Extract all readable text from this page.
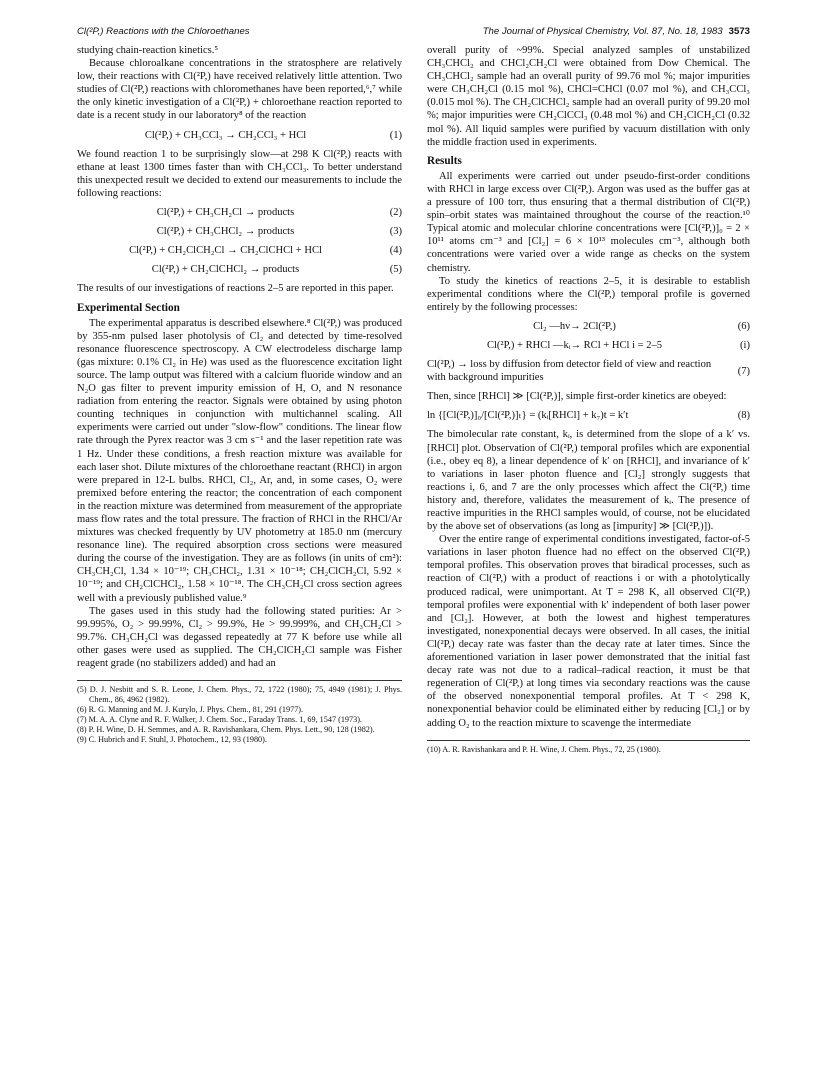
Cl(²P,) Reactions with the Chloroethanes	The Journal of Physical Chemistry, Vol. 87, No. 18, 1983 3573

studying chain-reaction kinetics.⁵

Because chloroalkane concentrations in the stratosphere are relatively low, their reactions with Cl(²P,) have received relatively little attention. Two studies of Cl(²P,) reactions with chloromethanes have been reported,⁶,⁷ while the only kinetic investigation of a Cl(²P,) + chloroethane reaction reported to date is a recent study in our laboratory⁸ of the reaction

Cl(²P,) + CH₃CCl₃ → CH₂CCl₃ + HCl	(1)

We found reaction 1 to be surprisingly slow—at 298 K Cl(²P,) reacts with ethane at least 1300 times faster than with CH₃CCl₃. To better understand this unexpected result we decided to extend our measurements to include the following reactions:

Cl(²P,) + CH₃CH₂Cl → products	(2)
Cl(²P,) + CH₃CHCl₂ → products	(3)
Cl(²P,) + CH₂ClCH₂Cl → CH₂ClCHCl + HCl	(4)
Cl(²P,) + CH₂ClCHCl₂ → products	(5)

The results of our investigations of reactions 2–5 are reported in this paper.

Experimental Section

The experimental apparatus is described elsewhere.⁸ Cl(²P,) was produced by 355-nm pulsed laser photolysis of Cl₂ and detected by time-resolved resonance fluorescence spectroscopy. A CW electrodeless discharge lamp (gas mixture: 0.1% Cl₂ in He) was used as the fluorescence excitation light source. The lamp output was filtered with a calcium fluoride window and an N₂O gas filter to prevent impurity emission of H, O, and N resonance radiation from entering the reactor. Signals were obtained by using photon counting techniques in conjunction with multichannel scaling. All experiments were carried out under "slow-flow" conditions. The linear flow rate through the Pyrex reactor was 3 cm s⁻¹ and the laser repetition rate was 1 Hz. Under these conditions, a fresh reaction mixture was available for each laser shot. Dilute mixtures of the chloroethane reactant (RHCl) in argon were prepared in 12-L bulbs. RHCl, Cl₂, Ar, and, in some cases, O₂ were premixed before entering the reactor; the concentration of each component in the reaction mixture was determined from measurement of the appropriate mass flow rates and the total pressure. The fraction of RHCl in the RHCl/Ar mixtures was checked frequently by UV photometry at 185.0 nm (mercury resonance line). The required absorption cross sections were measured during the course of the investigation. They are as follows (in units of cm²): CH₃CH₂Cl, 1.34 × 10⁻¹⁹; CH₃CHCl₂, 1.31 × 10⁻¹⁸; CH₂ClCH₂Cl, 5.92 × 10⁻¹⁹; and CH₂ClCHCl₂, 1.58 × 10⁻¹⁸. The CH₃CH₂Cl cross section agrees well with a previously published value.⁹

The gases used in this study had the following stated purities: Ar > 99.995%, O₂ > 99.99%, Cl₂ > 99.9%, He > 99.999%, and CH₃CH₂Cl > 99.7%. CH₃CH₂Cl was degassed repeatedly at 77 K before use while all other gases were used as supplied. The CH₂ClCH₂Cl sample was Fisher reagent grade (no stabilizers added) and had an

(5) D. J. Nesbitt and S. R. Leone, J. Chem. Phys., 72, 1722 (1980); 75, 4949 (1981); J. Phys. Chem., 86, 4962 (1982).
(6) R. G. Manning and M. J. Kurylo, J. Phys. Chem., 81, 291 (1977).
(7) M. A. A. Clyne and R. F. Walker, J. Chem. Soc., Faraday Trans. 1, 69, 1547 (1973).
(8) P. H. Wine, D. H. Semmes, and A. R. Ravishankara, Chem. Phys. Lett., 90, 128 (1982).
(9) C. Hubrich and F. Stuhl, J. Photochem., 12, 93 (1980).

overall purity of ~99%. Special analyzed samples of unstabilized CH₃CHCl₂ and CHCl₂CH₂Cl were obtained from Dow Chemical. The CH₃CHCl₂ sample had an overall purity of 99.76 mol %; major impurities were CH₃CH₂Cl (0.15 mol %), CHCl=CHCl (0.07 mol %), and CH₃CCl₃ (0.015 mol %). The CH₂ClCHCl₂ sample had an overall purity of 99.20 mol %; major impurities were CH₂ClCCl₃ (0.48 mol %) and CH₂ClCH₂Cl (0.32 mol %). All liquid samples were purified by vacuum distillation with only the middle fraction used in experiments.

Results

All experiments were carried out under pseudo-first-order conditions with RHCl in large excess over Cl(²P,). Argon was used as the buffer gas at a pressure of 100 torr, thus ensuring that a thermal distribution of Cl(²P,) spin–orbit states was maintained throughout the course of the reaction.¹⁰ Typical atomic and molecular chlorine concentrations were [Cl(²P,)]₀ = 2 × 10¹¹ atoms cm⁻³ and [Cl₂] = 6 × 10¹³ molecules cm⁻³, although both concentrations were varied over a wide range as checks on the system chemistry.

To study the kinetics of reactions 2–5, it is desirable to establish experimental conditions where the Cl(²P,) temporal profile is governed entirely by the following processes:

Cl₂ ―hν→ 2Cl(²P,)	(6)
Cl(²P,) + RHCl ―kᵢ→ RCl + HCl i = 2–5	(i)
Cl(²P,) → loss by diffusion from detector field of view and reaction with background impurities
(7)

Then, since [RHCl] ≫ [Cl(²P,)], simple first-order kinetics are obeyed:

ln {[Cl(²P,)]₀/[Cl(²P,)]ₜ} = (kᵢ[RHCl] + k₇)t = k′t	(8)

The bimolecular rate constant, kᵢ, is determined from the slope of a k′ vs. [RHCl] plot. Observation of Cl(²P,) temporal profiles which are exponential (i.e., obey eq 8), a linear dependence of k′ on [RHCl], and invariance of k′ to variations in laser photon fluence and [Cl₂] strongly suggests that reactions i, 6, and 7 are the only processes which affect the Cl(²P,) time history and, therefore, validates the measurement of kᵢ. The presence of reactive impurities in the RHCl samples would, of course, not be elucidated by the above set of observations (as long as [impurity] ≫ [Cl(²P,)]).

Over the entire range of experimental conditions investigated, factor-of-5 variations in laser photon fluence had no effect on the observed Cl(²P,) temporal profiles. This observation proves that biradical processes, such as reaction of Cl(²P,) with a product of reactions i or with a photolytically produced radical, were unimportant. At T = 298 K, all observed Cl(²P,) temporal profiles were exponential with k′ independent of both laser power and [Cl₂]. However, at both the lowest and highest temperatures investigated, nonexponential decays were observed. In all cases, the initial Cl(²P,) decay rate was faster than the decay rate at later times. Since the aforementioned variation in laser power demonstrated that the initial fast decay rate was not due to a radical–radical reaction, it must be that regeneration of Cl(²P,) at long times via secondary reactions was the cause of the observed nonexponential temporal profiles. At T < 298 K, nonexponential behavior could be eliminated either by reducing [Cl₂] or by adding O₂ to the reaction mixture to scavenge the intermediate

(10) A. R. Ravishankara and P. H. Wine, J. Chem. Phys., 72, 25 (1980).
